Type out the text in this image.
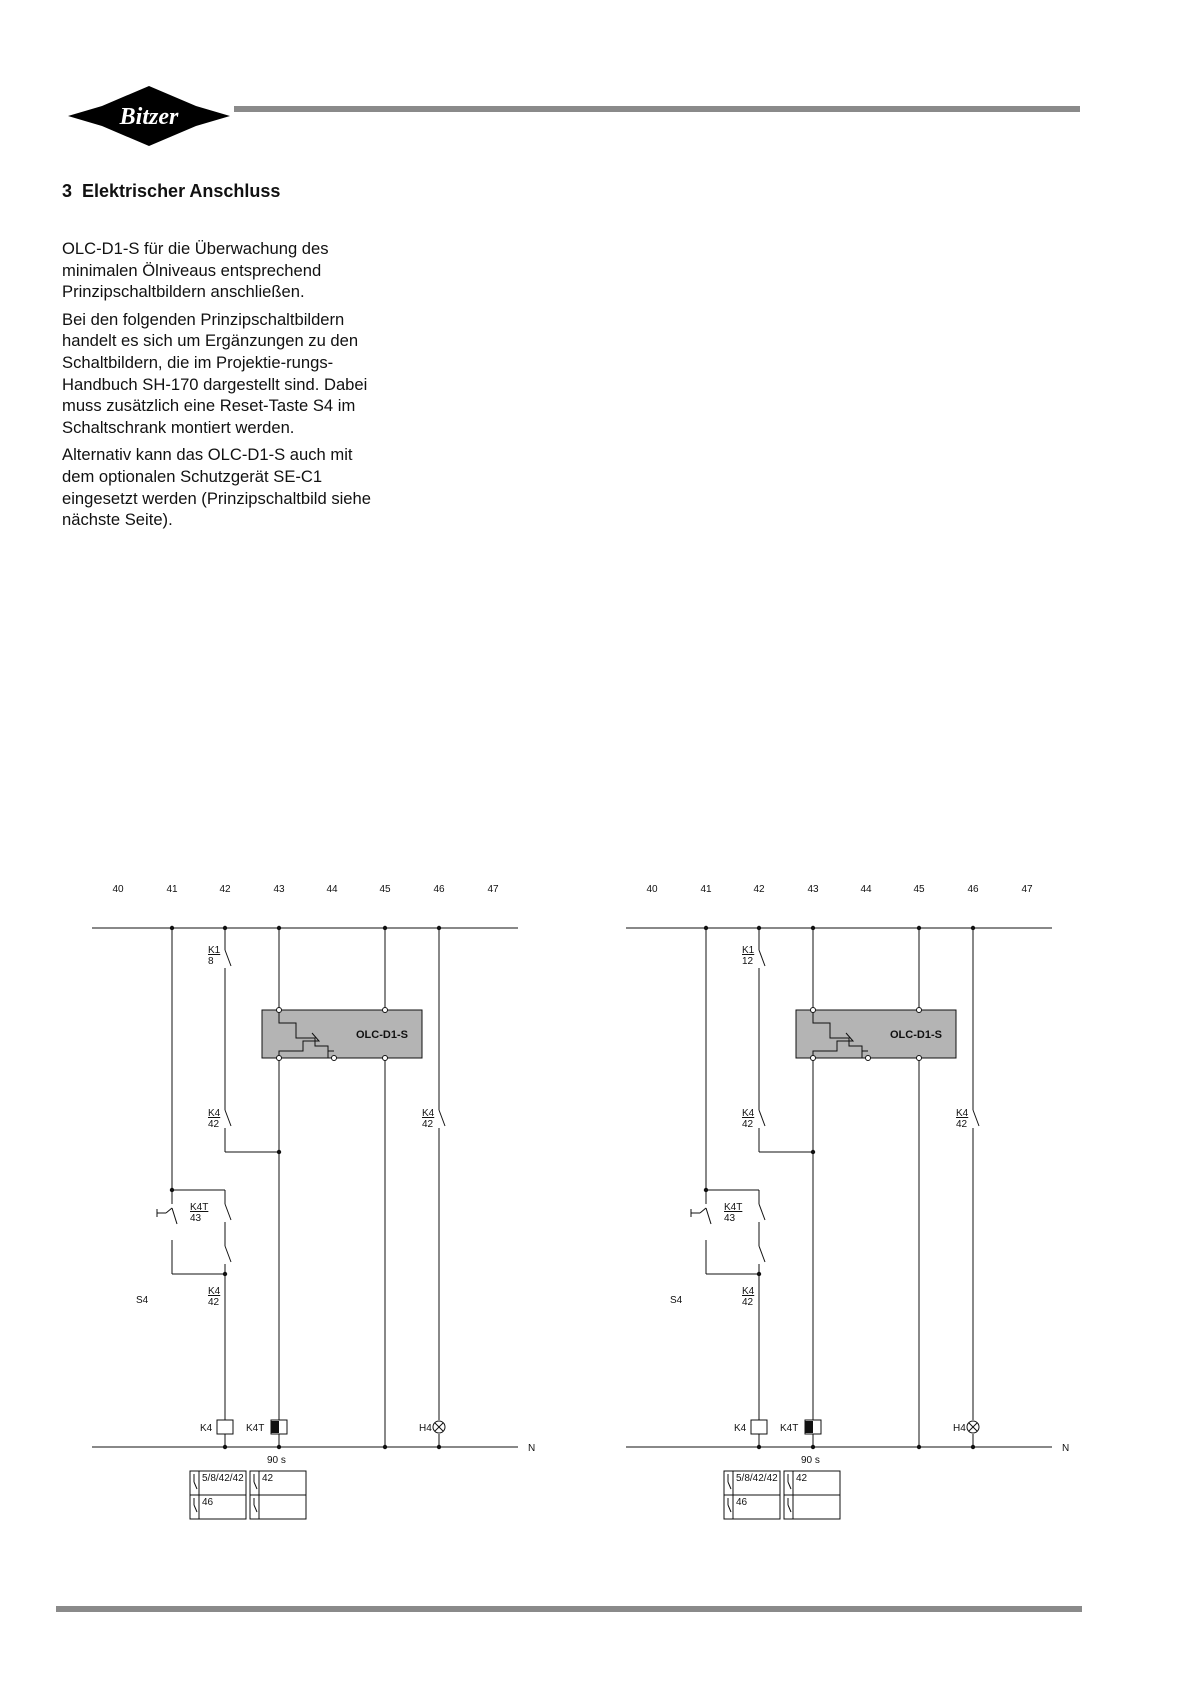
Bitzer
3 Elektrischer Anschluss

OLC-D1-S für die Überwachung des minimalen Ölniveaus entsprechend Prinzipschaltbildern anschließen.

Bei den folgenden Prinzipschaltbildern handelt es sich um Ergänzungen zu den Schaltbildern, die im Projektie-rungs-Handbuch SH-170 dargestellt sind. Dabei muss zusätzlich eine Reset-Taste S4 im Schaltschrank montiert werden.

Alternativ kann das OLC-D1-S auch mit dem optionalen Schutzgerät SE-C1 eingesetzt werden (Prinzipschaltbild siehe nächste Seite).

40	41	42	43	44	45	46	47
K1
8
OLC-D1-S
K4
42
K4
42
K4T
43
S4
K4
42
K4	K4T	H4
N
90 s
5/8/42/42
46
42
40	41	42	43	44	45	46	47
K1
12
OLC-D1-S
K4
42
K4
42
K4T
43
S4
K4
42
K4	K4T	H4
N
90 s
5/8/42/42
46
42
